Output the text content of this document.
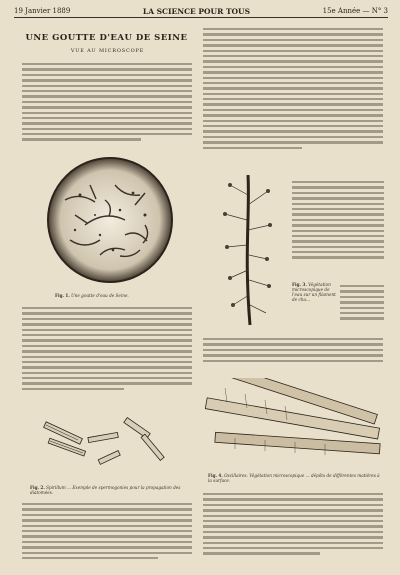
19 Janvier 1889	LA SCIENCE POUR TOUS	15e Année — N° 3
UNE GOUTTE D'EAU DE SEINE
VUE AU MICROSCOPE
Fig. 1. Une goutte d'eau de Seine.
Fig. 2. Spirillum ... Exemple de spermogonies pour la propagation des diatomées.
Fig. 3. Végétation microscopique de l'eau sur un filament de cha...
Fig. 4. Oscillaires. Végétation microscopique ... dépôts de différentes matières à la surface.
